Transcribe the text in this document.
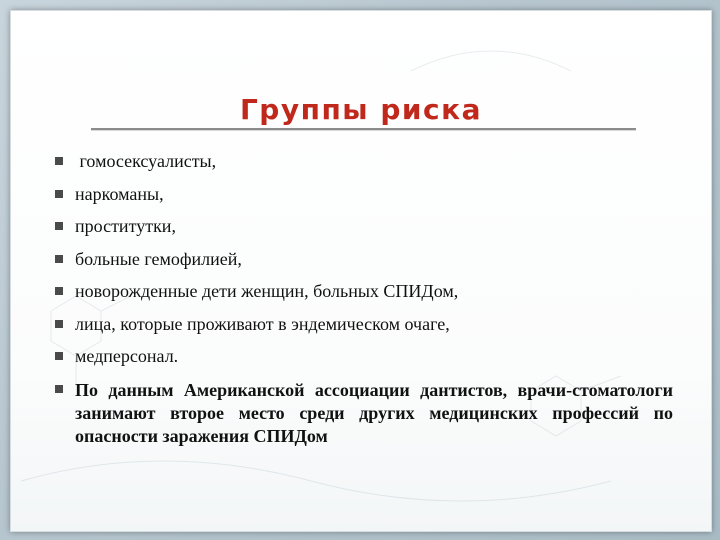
Группы риска
гомосексуалисты,
наркоманы,
проститутки,
больные гемофилией,
новорожденные дети женщин, больных СПИДом,
лица, которые проживают в эндемическом очаге,
медперсонал.
По данным Американской ассоциации дантистов, врачи-стоматологи занимают второе место среди других медицинских профессий по опасности заражения СПИДом
